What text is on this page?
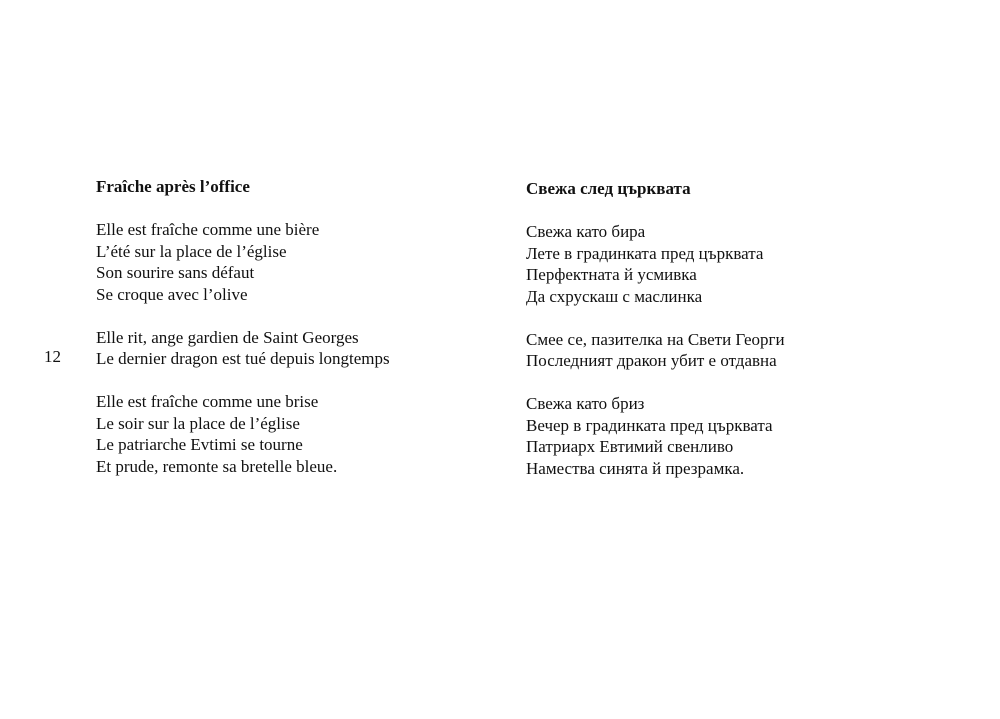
12
Fraîche après l’office
Elle est fraîche comme une bière
L’été sur la place de l’église
Son sourire sans défaut
Se croque avec l’olive
Elle rit, ange gardien de Saint Georges
Le dernier dragon est tué depuis longtemps
Elle est fraîche comme une brise
Le soir sur la place de l’église
Le patriarche Evtimi se tourne
Et prude, remonte sa bretelle bleue.
Свежа след църквата
Свежа като бира
Лете в градинката пред църквата
Перфектната й усмивка
Да схрускаш с маслинка
Смее се, пазителка на Свети Георги
Последният дракон убит е отдавна
Свежа като бриз
Вечер в градинката пред църквата
Патриарх Евтимий свенливо
Намества синята й презрамка.
